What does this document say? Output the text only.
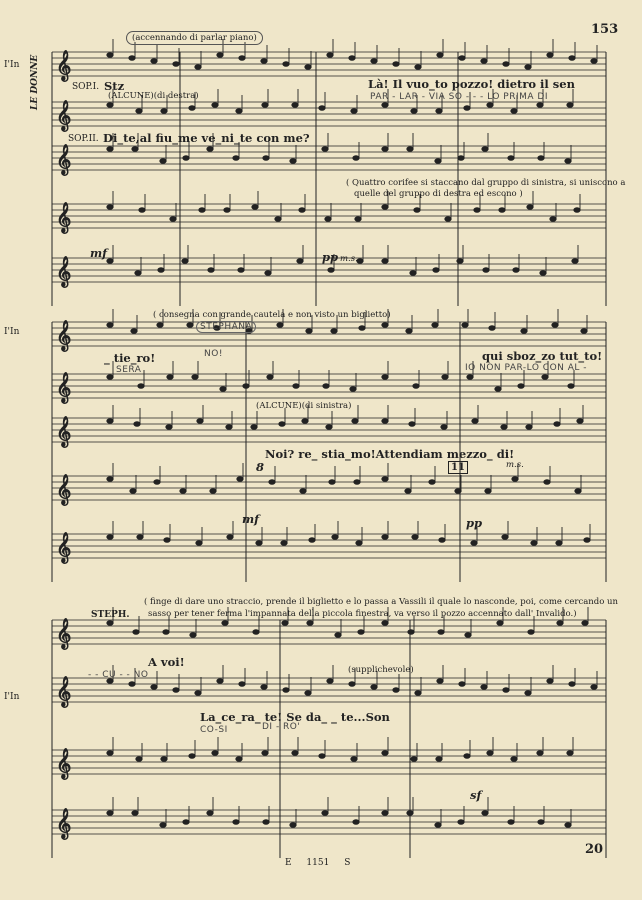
153
𝄞
𝄞
𝄞
𝄞
𝄞
𝄞
𝄞
𝄞
𝄞
𝄞
𝄞
𝄞
𝄞
𝄞
(accennando di parlar piano)
I'In
SOP.I. Stz	Là! Il vuo_to pozzo! dietro il sen
(ALCUNE)(di destra)	PAR - LAR - VIA SO - - - LO PRIMA DI
SOP.II. Di_te,al fiu_me ve_ni_te con me?
LE DONNE
( Quattro corifee si staccano dal gruppo di sinistra, si uniscono a
quelle del gruppo di destra ed escono )
mf	pp m.s.
I'In
( consegna con grande cautela e non visto un biglietto)
STEPHANA
NO!
_ tie_ro!	qui sboz_zo tut_to!
SERA	IO NON PAR-LO CON AL -
(ALCUNE)(di sinistra)
Noi? re_ stia_mo!Attendiam mezzo_ di!
11	m.s.
8
mf	pp
( finge di dare uno straccio, prende il biglietto e lo passa a Vassili il quale lo nasconde, poi, come cercando un
sasso per tener ferma l'impannata della piccola finestra, va verso il pozzo accennato dall' Invalido.)
STEPH.
A voi!
- - CU - - NO	(supplichevole)
I'In
La_ce_ra_ te! Se da_ _ te...Son
CO-SI	DI - RO'
sf
E 1151 S
20
